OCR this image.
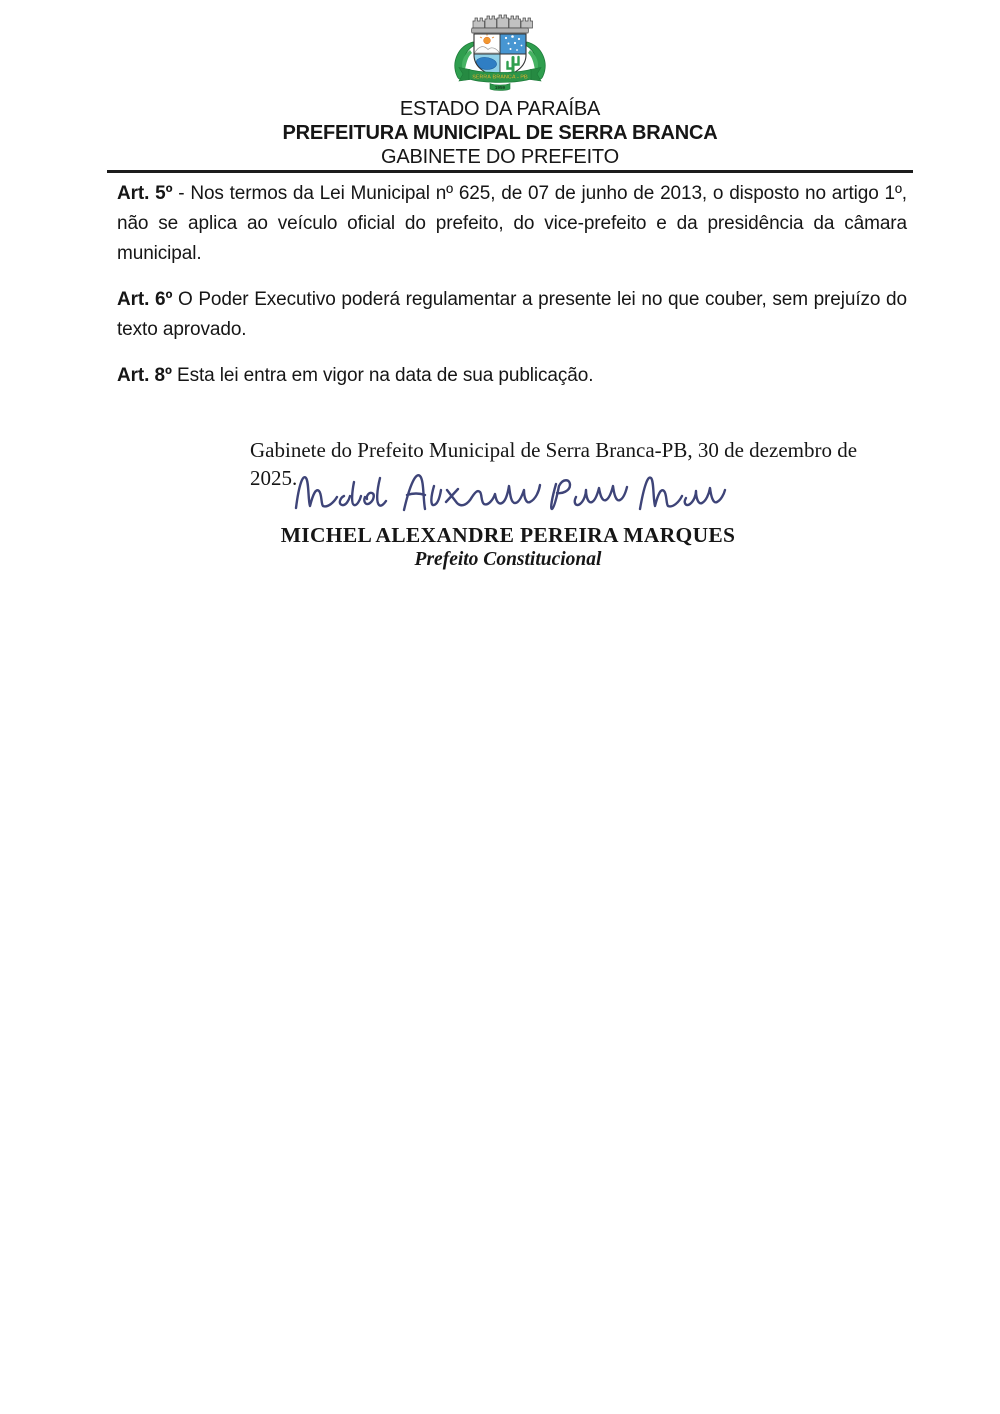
SERRA BRANCA - PB
1959
ESTADO DA PARAÍBA
PREFEITURA MUNICIPAL DE SERRA BRANCA
GABINETE DO PREFEITO

Art. 5º - Nos termos da Lei Municipal nº 625, de 07 de junho de 2013, o disposto no artigo 1º, não se aplica ao veículo oficial do prefeito, do vice-prefeito e da presidência da câmara municipal.

Art. 6º O Poder Executivo poderá regulamentar a presente lei no que couber, sem prejuízo do texto aprovado.

Art. 8º Esta lei entra em vigor na data de sua publicação.

Gabinete do Prefeito Municipal de Serra Branca-PB, 30 de dezembro de 2025.

MICHEL ALEXANDRE PEREIRA MARQUES
Prefeito Constitucional
